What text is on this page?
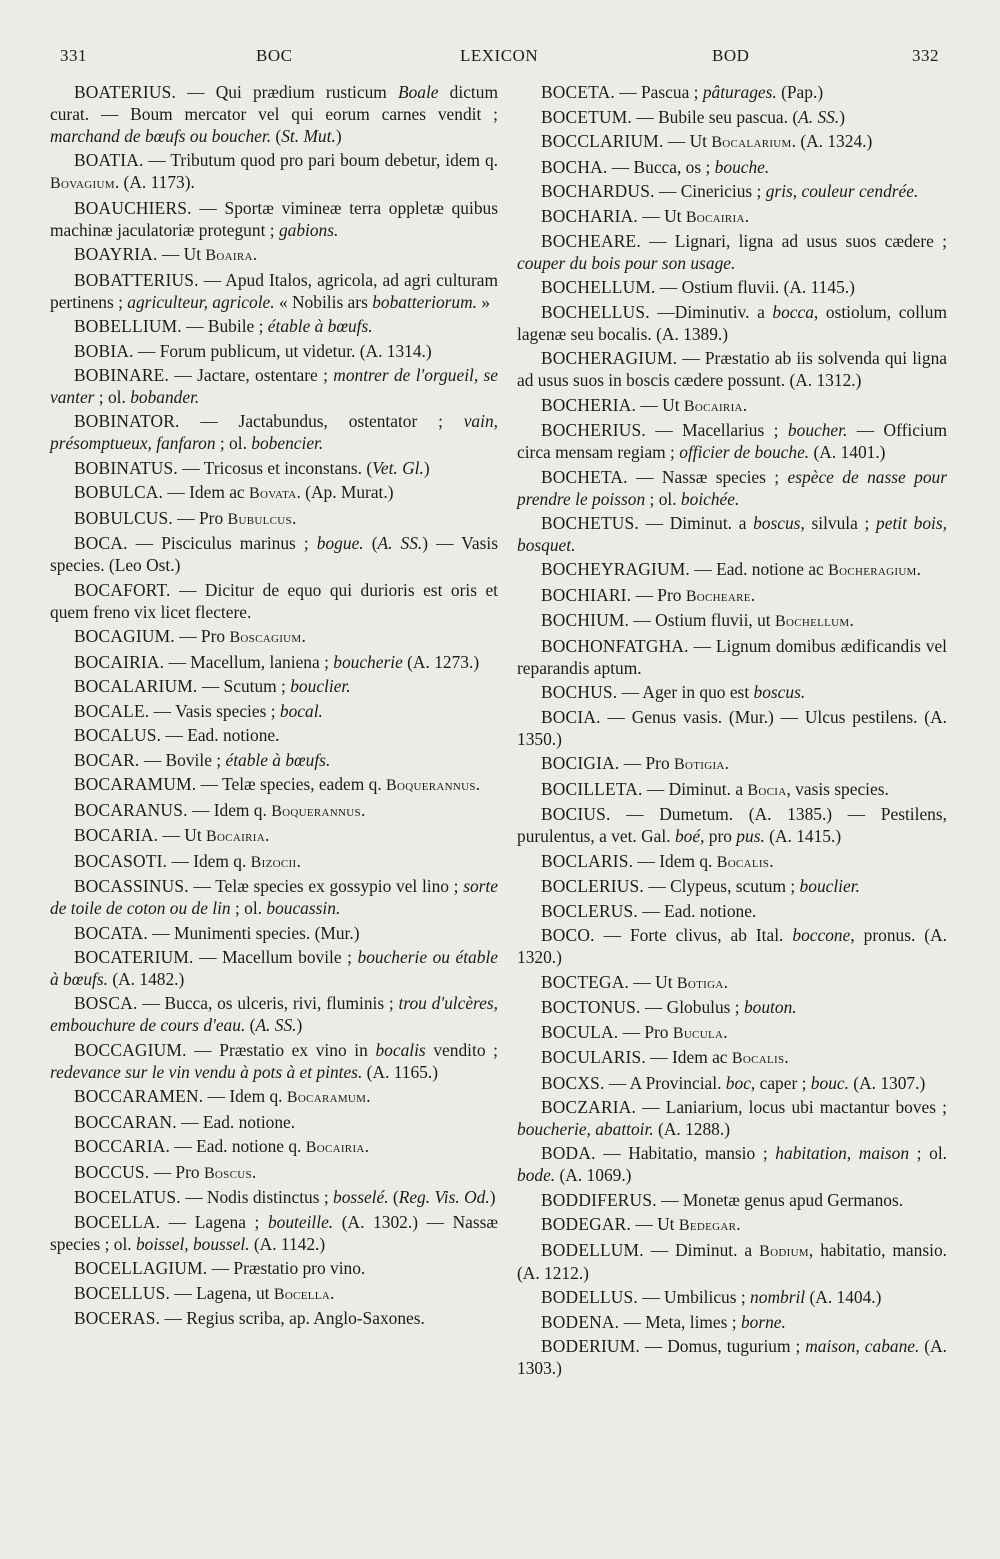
331	BOC	LEXICON	BOD	332

BOATERIUS. — Qui prædium rusticum Boale dictum curat. — Boum mercator vel qui eorum carnes vendit ; marchand de bœufs ou boucher. (St. Mut.)

BOATIA. — Tributum quod pro pari boum debetur, idem q. Bovagium. (A. 1173).

BOAUCHIERS. — Sportæ vimineæ terra oppletæ quibus machinæ jaculatoriæ protegunt ; gabions.

BOAYRIA. — Ut Boaira.

BOBATTERIUS. — Apud Italos, agricola, ad agri culturam pertinens ; agriculteur, agricole. « Nobilis ars bobatteriorum. »

BOBELLIUM. — Bubile ; étable à bœufs.

BOBIA. — Forum publicum, ut videtur. (A. 1314.)

BOBINARE. — Jactare, ostentare ; montrer de l'orgueil, se vanter ; ol. bobander.

BOBINATOR. — Jactabundus, ostentator ; vain, présomptueux, fanfaron ; ol. bobencier.

BOBINATUS. — Tricosus et inconstans. (Vet. Gl.)

BOBULCA. — Idem ac Bovata. (Ap. Murat.)

BOBULCUS. — Pro Bubulcus.

BOCA. — Pisciculus marinus ; bogue. (A. SS.) — Vasis species. (Leo Ost.)

BOCAFORT. — Dicitur de equo qui durioris est oris et quem freno vix licet flectere.

BOCAGIUM. — Pro Boscagium.

BOCAIRIA. — Macellum, laniena ; boucherie (A. 1273.)

BOCALARIUM. — Scutum ; bouclier.

BOCALE. — Vasis species ; bocal.

BOCALUS. — Ead. notione.

BOCAR. — Bovile ; étable à bœufs.

BOCARAMUM. — Telæ species, eadem q. Boquerannus.

BOCARANUS. — Idem q. Boquerannus.

BOCARIA. — Ut Bocairia.

BOCASOTI. — Idem q. Bizocii.

BOCASSINUS. — Telæ species ex gossypio vel lino ; sorte de toile de coton ou de lin ; ol. boucassin.

BOCATA. — Munimenti species. (Mur.)

BOCATERIUM. — Macellum bovile ; boucherie ou étable à bœufs. (A. 1482.)

BOSCA. — Bucca, os ulceris, rivi, fluminis ; trou d'ulcères, embouchure de cours d'eau. (A. SS.)

BOCCAGIUM. — Præstatio ex vino in bocalis vendito ; redevance sur le vin vendu à pots à et pintes. (A. 1165.)

BOCCARAMEN. — Idem q. Bocaramum.

BOCCARAN. — Ead. notione.

BOCCARIA. — Ead. notione q. Bocairia.

BOCCUS. — Pro Boscus.

BOCELATUS. — Nodis distinctus ; bosselé. (Reg. Vis. Od.)

BOCELLA. — Lagena ; bouteille. (A. 1302.) — Nassæ species ; ol. boissel, boussel. (A. 1142.)

BOCELLAGIUM. — Præstatio pro vino.

BOCELLUS. — Lagena, ut Bocella.

BOCERAS. — Regius scriba, ap. Anglo-Saxones.

BOCETA. — Pascua ; pâturages. (Pap.)

BOCETUM. — Bubile seu pascua. (A. SS.)

BOCCLARIUM. — Ut Bocalarium. (A. 1324.)

BOCHA. — Bucca, os ; bouche.

BOCHARDUS. — Cinericius ; gris, couleur cendrée.

BOCHARIA. — Ut Bocairia.

BOCHEARE. — Lignari, ligna ad usus suos cædere ; couper du bois pour son usage.

BOCHELLUM. — Ostium fluvii. (A. 1145.)

BOCHELLUS. —Diminutiv. a bocca, ostiolum, collum lagenæ seu bocalis. (A. 1389.)

BOCHERAGIUM. — Præstatio ab iis solvenda qui ligna ad usus suos in boscis cædere possunt. (A. 1312.)

BOCHERIA. — Ut Bocairia.

BOCHERIUS. — Macellarius ; boucher. — Officium circa mensam regiam ; officier de bouche. (A. 1401.)

BOCHETA. — Nassæ species ; espèce de nasse pour prendre le poisson ; ol. boichée.

BOCHETUS. — Diminut. a boscus, silvula ; petit bois, bosquet.

BOCHEYRAGIUM. — Ead. notione ac Bocheragium.

BOCHIARI. — Pro Bocheare.

BOCHIUM. — Ostium fluvii, ut Bochellum.

BOCHONFATGHA. — Lignum domibus ædificandis vel reparandis aptum.

BOCHUS. — Ager in quo est boscus.

BOCIA. — Genus vasis. (Mur.) — Ulcus pestilens. (A. 1350.)

BOCIGIA. — Pro Botigia.

BOCILLETA. — Diminut. a Bocia, vasis species.

BOCIUS. — Dumetum. (A. 1385.) — Pestilens, purulentus, a vet. Gal. boé, pro pus. (A. 1415.)

BOCLARIS. — Idem q. Bocalis.

BOCLERIUS. — Clypeus, scutum ; bouclier.

BOCLERUS. — Ead. notione.

BOCO. — Forte clivus, ab Ital. boccone, pronus. (A. 1320.)

BOCTEGA. — Ut Botiga.

BOCTONUS. — Globulus ; bouton.

BOCULA. — Pro Bucula.

BOCULARIS. — Idem ac Bocalis.

BOCXS. — A Provincial. boc, caper ; bouc. (A. 1307.)

BOCZARIA. — Laniarium, locus ubi mactantur boves ; boucherie, abattoir. (A. 1288.)

BODA. — Habitatio, mansio ; habitation, maison ; ol. bode. (A. 1069.)

BODDIFERUS. — Monetæ genus apud Germanos.

BODEGAR. — Ut Bedegar.

BODELLUM. — Diminut. a Bodium, habitatio, mansio. (A. 1212.)

BODELLUS. — Umbilicus ; nombril (A. 1404.)

BODENA. — Meta, limes ; borne.

BODERIUM. — Domus, tugurium ; maison, cabane. (A. 1303.)
